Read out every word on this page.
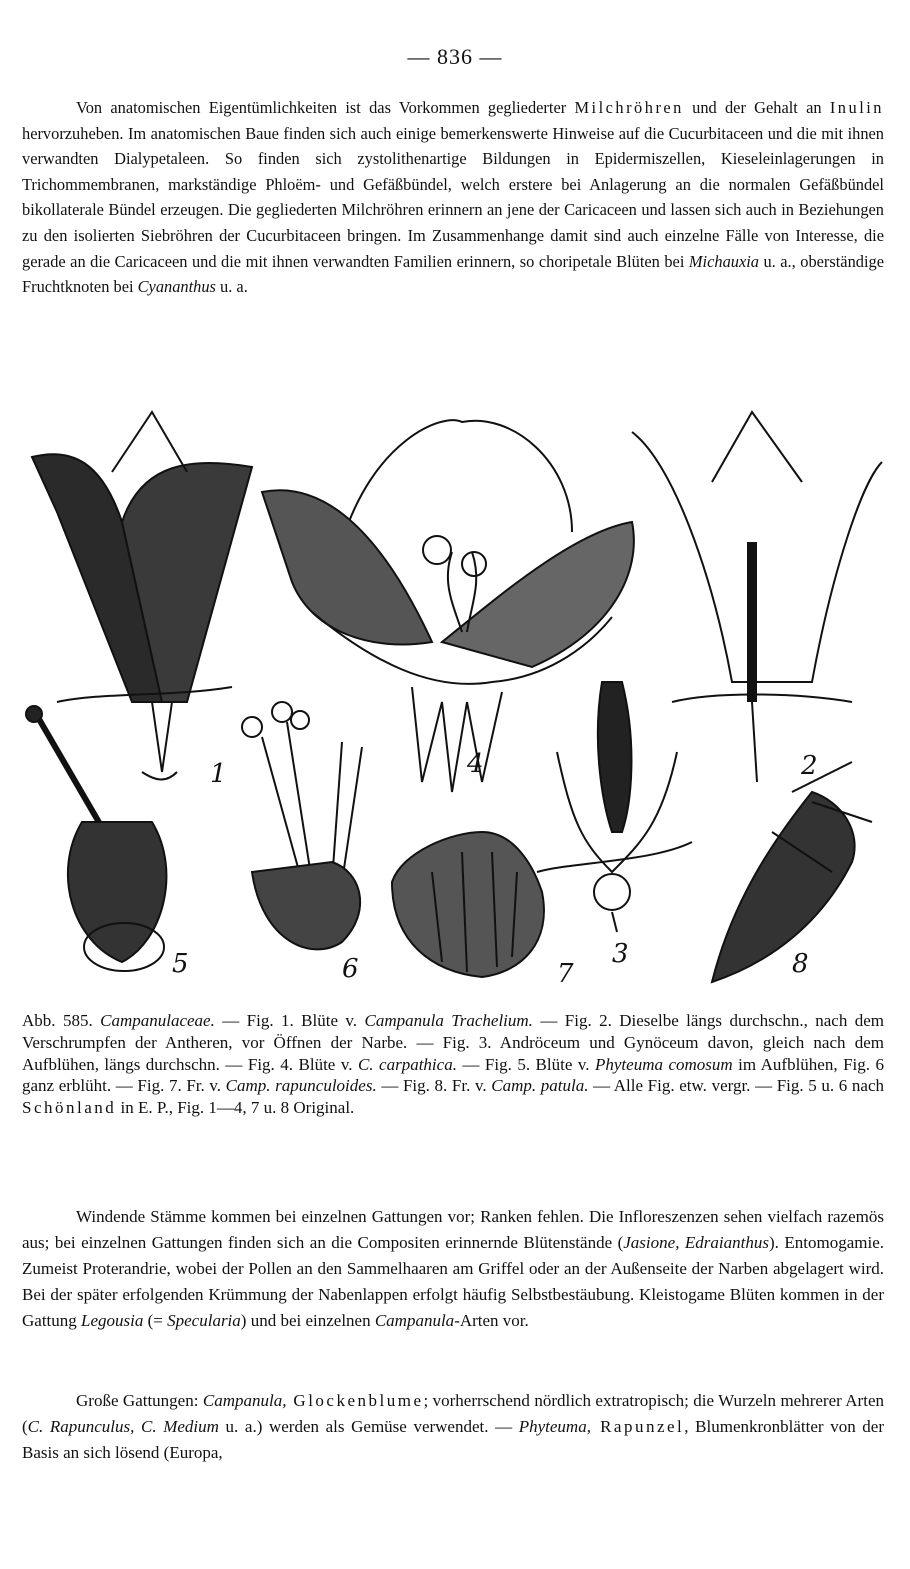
— 836 —

Von anatomischen Eigentümlichkeiten ist das Vorkommen gegliederter Milchröhren und der Gehalt an Inulin hervorzuheben. Im anatomischen Baue finden sich auch einige bemerkenswerte Hinweise auf die Cucurbitaceen und die mit ihnen verwandten Dialypetaleen. So finden sich zystolithenartige Bildungen in Epidermiszellen, Kieseleinlagerungen in Trichommembranen, markständige Phloëm- und Gefäßbündel, welch erstere bei Anlagerung an die normalen Gefäßbündel bikollaterale Bündel erzeugen. Die gegliederten Milchröhren erinnern an jene der Caricaceen und lassen sich auch in Beziehungen zu den isolierten Siebröhren der Cucurbitaceen bringen. Im Zusammenhange damit sind auch einzelne Fälle von Interesse, die gerade an die Caricaceen und die mit ihnen verwandten Familien erinnern, so choripetale Blüten bei Michauxia u. a., oberständige Fruchtknoten bei Cyananthus u. a.

1	2
3
4
5	6	7	8
Abb. 585. Campanulaceae. — Fig. 1. Blüte v. Campanula Trachelium. — Fig. 2. Dieselbe längs durchschn., nach dem Verschrumpfen der Antheren, vor Öffnen der Narbe. — Fig. 3. Andröceum und Gynöceum davon, gleich nach dem Aufblühen, längs durchschn. — Fig. 4. Blüte v. C. carpathica. — Fig. 5. Blüte v. Phyteuma comosum im Aufblühen, Fig. 6 ganz erblüht. — Fig. 7. Fr. v. Camp. rapunculoides. — Fig. 8. Fr. v. Camp. patula. — Alle Fig. etw. vergr. — Fig. 5 u. 6 nach Schönland in E. P., Fig. 1—4, 7 u. 8 Original.

Windende Stämme kommen bei einzelnen Gattungen vor; Ranken fehlen. Die Infloreszenzen sehen vielfach razemös aus; bei einzelnen Gattungen finden sich an die Compositen erinnernde Blütenstände (Jasione, Edraianthus). Entomogamie. Zumeist Proterandrie, wobei der Pollen an den Sammelhaaren am Griffel oder an der Außenseite der Narben abgelagert wird. Bei der später erfolgenden Krümmung der Nabenlappen erfolgt häufig Selbstbestäubung. Kleistogame Blüten kommen in der Gattung Legousia (= Specularia) und bei einzelnen Campanula-Arten vor.

Große Gattungen: Campanula, Glockenblume; vorherrschend nördlich extratropisch; die Wurzeln mehrerer Arten (C. Rapunculus, C. Medium u. a.) werden als Gemüse verwendet. — Phyteuma, Rapunzel, Blumenkronblätter von der Basis an sich lösend (Europa,
